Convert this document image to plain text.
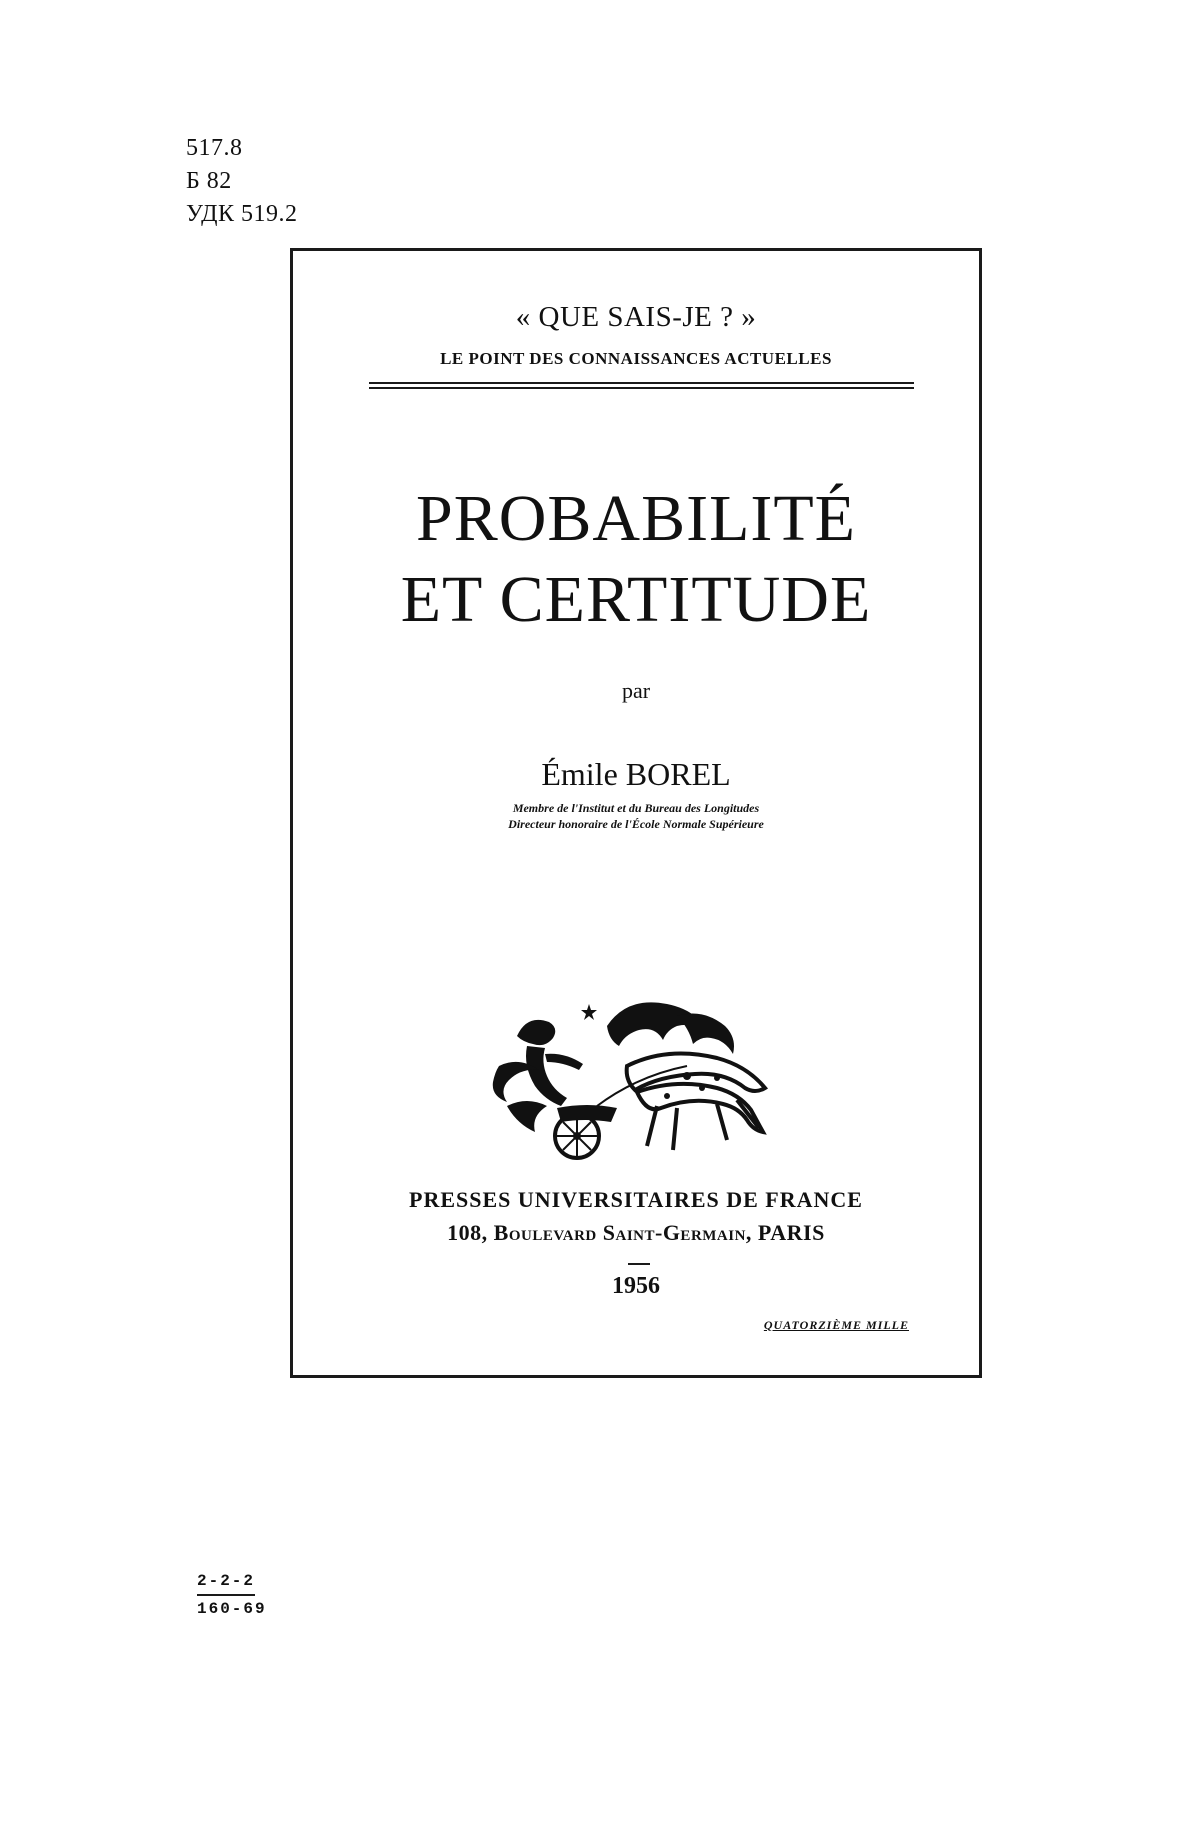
517.8
Б 82
УДК 519.2
« QUE SAIS-JE ? »
LE POINT DES CONNAISSANCES ACTUELLES
PROBABILITÉ
ET CERTITUDE
par
Émile BOREL
Membre de l'Institut et du Bureau des Longitudes
Directeur honoraire de l'École Normale Supérieure
PRESSES UNIVERSITAIRES DE FRANCE
108, Boulevard Saint-Germain, PARIS
1956
QUATORZIÈME MILLE
2-2-2
160-69
